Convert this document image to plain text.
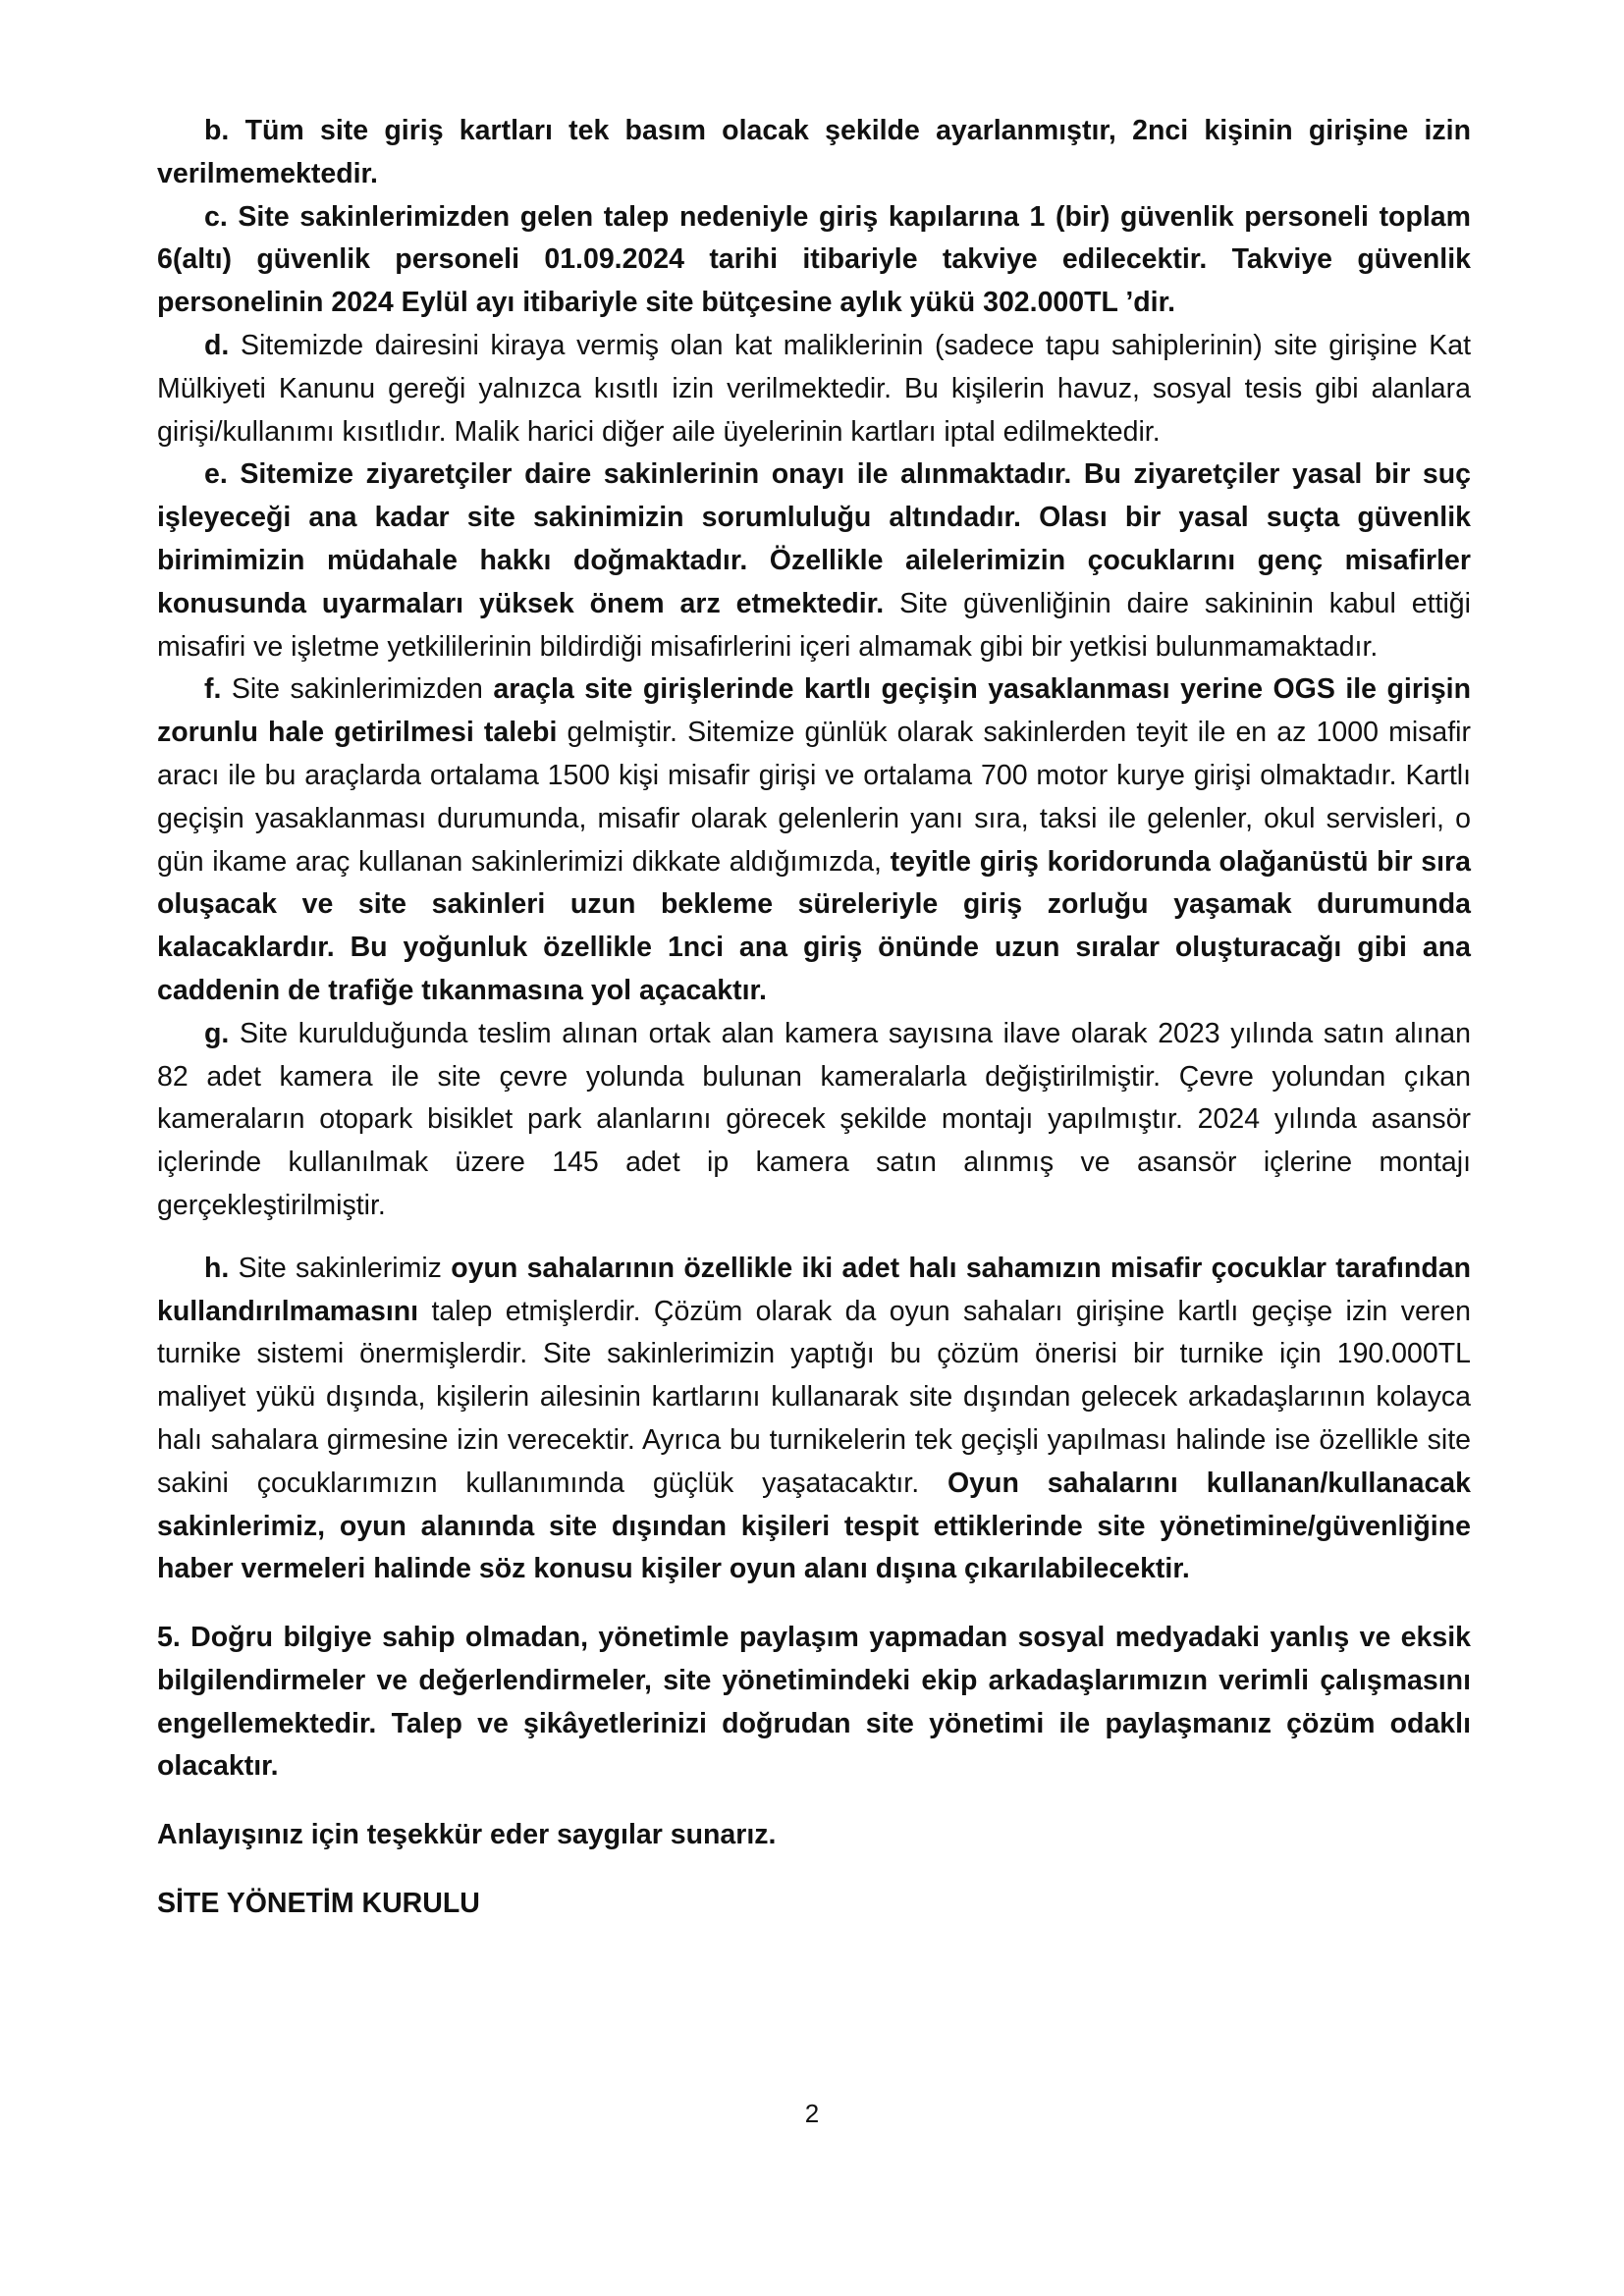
b. Tüm site giriş kartları tek basım olacak şekilde ayarlanmıştır, 2nci kişinin girişine izin verilmemektedir.

c. Site sakinlerimizden gelen talep nedeniyle giriş kapılarına 1 (bir) güvenlik personeli toplam 6(altı) güvenlik personeli 01.09.2024 tarihi itibariyle takviye edilecektir. Takviye güvenlik personelinin 2024 Eylül ayı itibariyle site bütçesine aylık yükü 302.000TL ’dir.

d. Sitemizde dairesini kiraya vermiş olan kat maliklerinin (sadece tapu sahiplerinin) site girişine Kat Mülkiyeti Kanunu gereği yalnızca kısıtlı izin verilmektedir. Bu kişilerin havuz, sosyal tesis gibi alanlara girişi/kullanımı kısıtlıdır. Malik harici diğer aile üyelerinin kartları iptal edilmektedir.

e. Sitemize ziyaretçiler daire sakinlerinin onayı ile alınmaktadır. Bu ziyaretçiler yasal bir suç işleyeceği ana kadar site sakinimizin sorumluluğu altındadır. Olası bir yasal suçta güvenlik birimimizin müdahale hakkı doğmaktadır. Özellikle ailelerimizin çocuklarını genç misafirler konusunda uyarmaları yüksek önem arz etmektedir. Site güvenliğinin daire sakininin kabul ettiği misafiri ve işletme yetkililerinin bildirdiği misafirlerini içeri almamak gibi bir yetkisi bulunmamaktadır.

f. Site sakinlerimizden araçla site girişlerinde kartlı geçişin yasaklanması yerine OGS ile girişin zorunlu hale getirilmesi talebi gelmiştir. Sitemize günlük olarak sakinlerden teyit ile en az 1000 misafir aracı ile bu araçlarda ortalama 1500 kişi misafir girişi ve ortalama 700 motor kurye girişi olmaktadır. Kartlı geçişin yasaklanması durumunda, misafir olarak gelenlerin yanı sıra, taksi ile gelenler, okul servisleri, o gün ikame araç kullanan sakinlerimizi dikkate aldığımızda, teyitle giriş koridorunda olağanüstü bir sıra oluşacak ve site sakinleri uzun bekleme süreleriyle giriş zorluğu yaşamak durumunda kalacaklardır. Bu yoğunluk özellikle 1nci ana giriş önünde uzun sıralar oluşturacağı gibi ana caddenin de trafiğe tıkanmasına yol açacaktır.

g. Site kurulduğunda teslim alınan ortak alan kamera sayısına ilave olarak 2023 yılında satın alınan 82 adet kamera ile site çevre yolunda bulunan kameralarla değiştirilmiştir. Çevre yolundan çıkan kameraların otopark bisiklet park alanlarını görecek şekilde montajı yapılmıştır. 2024 yılında asansör içlerinde kullanılmak üzere 145 adet ip kamera satın alınmış ve asansör içlerine montajı gerçekleştirilmiştir.

h. Site sakinlerimiz oyun sahalarının özellikle iki adet halı sahamızın misafir çocuklar tarafından kullandırılmamasını talep etmişlerdir. Çözüm olarak da oyun sahaları girişine kartlı geçişe izin veren turnike sistemi önermişlerdir. Site sakinlerimizin yaptığı bu çözüm önerisi bir turnike için 190.000TL maliyet yükü dışında, kişilerin ailesinin kartlarını kullanarak site dışından gelecek arkadaşlarının kolayca halı sahalara girmesine izin verecektir. Ayrıca bu turnikelerin tek geçişli yapılması halinde ise özellikle site sakini çocuklarımızın kullanımında güçlük yaşatacaktır. Oyun sahalarını kullanan/kullanacak sakinlerimiz, oyun alanında site dışından kişileri tespit ettiklerinde site yönetimine/güvenliğine haber vermeleri halinde söz konusu kişiler oyun alanı dışına çıkarılabilecektir.

5. Doğru bilgiye sahip olmadan, yönetimle paylaşım yapmadan sosyal medyadaki yanlış ve eksik bilgilendirmeler ve değerlendirmeler, site yönetimindeki ekip arkadaşlarımızın verimli çalışmasını engellemektedir. Talep ve şikâyetlerinizi doğrudan site yönetimi ile paylaşmanız çözüm odaklı olacaktır.

Anlayışınız için teşekkür eder saygılar sunarız.

SİTE YÖNETİM KURULU

2
